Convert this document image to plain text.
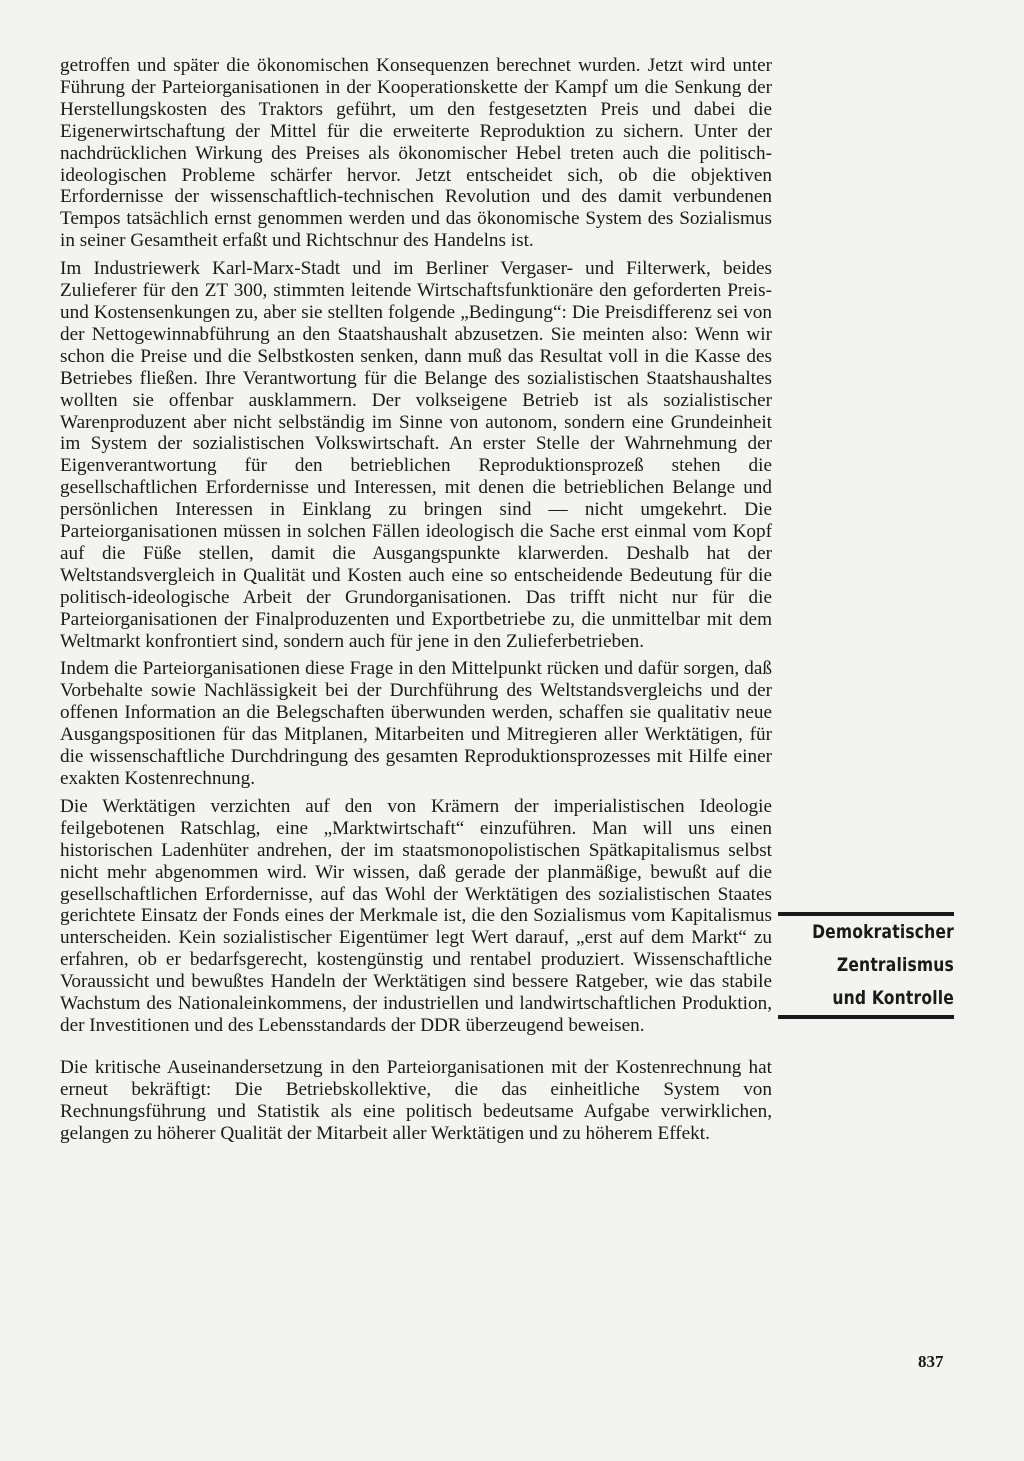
getroffen und später die ökonomischen Konsequenzen berechnet wurden. Jetzt wird unter Führung der Parteiorganisationen in der Kooperationskette der Kampf um die Senkung der Herstellungskosten des Traktors geführt, um den festgesetzten Preis und dabei die Eigenerwirtschaftung der Mittel für die erweiterte Reproduktion zu sichern. Unter der nachdrücklichen Wirkung des Preises als ökonomischer Hebel treten auch die politisch-ideologischen Probleme schärfer hervor. Jetzt entscheidet sich, ob die objektiven Erfordernisse der wissenschaftlich-technischen Revolution und des damit verbundenen Tempos tatsächlich ernst genommen werden und das ökonomische System des Sozialismus in seiner Gesamtheit erfaßt und Richtschnur des Handelns ist.

Im Industriewerk Karl-Marx-Stadt und im Berliner Vergaser- und Filterwerk, beides Zulieferer für den ZT 300, stimmten leitende Wirtschaftsfunktionäre den geforderten Preis- und Kostensenkungen zu, aber sie stellten folgende „Bedingung“: Die Preisdifferenz sei von der Nettogewinnabführung an den Staatshaushalt abzusetzen. Sie meinten also: Wenn wir schon die Preise und die Selbstkosten senken, dann muß das Resultat voll in die Kasse des Betriebes fließen. Ihre Verantwortung für die Belange des sozialistischen Staatshaushaltes wollten sie offenbar ausklammern. Der volkseigene Betrieb ist als sozialistischer Warenproduzent aber nicht selbständig im Sinne von autonom, sondern eine Grundeinheit im System der sozialistischen Volkswirtschaft. An erster Stelle der Wahrnehmung der Eigenverantwortung für den betrieblichen Reproduktionsprozeß stehen die gesellschaftlichen Erfordernisse und Interessen, mit denen die betrieblichen Belange und persönlichen Interessen in Einklang zu bringen sind — nicht umgekehrt. Die Parteiorganisationen müssen in solchen Fällen ideologisch die Sache erst einmal vom Kopf auf die Füße stellen, damit die Ausgangspunkte klarwerden. Deshalb hat der Weltstandsvergleich in Qualität und Kosten auch eine so entscheidende Bedeutung für die politisch-ideologische Arbeit der Grundorganisationen. Das trifft nicht nur für die Parteiorganisationen der Finalproduzenten und Exportbetriebe zu, die unmittelbar mit dem Weltmarkt konfrontiert sind, sondern auch für jene in den Zulieferbetrieben.

Indem die Parteiorganisationen diese Frage in den Mittelpunkt rücken und dafür sorgen, daß Vorbehalte sowie Nachlässigkeit bei der Durchführung des Weltstandsvergleichs und der offenen Information an die Belegschaften überwunden werden, schaffen sie qualitativ neue Ausgangspositionen für das Mitplanen, Mitarbeiten und Mitregieren aller Werktätigen, für die wissenschaftliche Durchdringung des gesamten Reproduktionsprozesses mit Hilfe einer exakten Kostenrechnung.

Die Werktätigen verzichten auf den von Krämern der imperialistischen Ideologie feilgebotenen Ratschlag, eine „Marktwirtschaft“ einzuführen. Man will uns einen historischen Ladenhüter andrehen, der im staatsmonopolistischen Spätkapitalismus selbst nicht mehr abgenommen wird. Wir wissen, daß gerade der planmäßige, bewußt auf die gesellschaftlichen Erfordernisse, auf das Wohl der Werktätigen des sozialistischen Staates gerichtete Einsatz der Fonds eines der Merkmale ist, die den Sozialismus vom Kapitalismus unterscheiden. Kein sozialistischer Eigentümer legt Wert darauf, „erst auf dem Markt“ zu erfahren, ob er bedarfsgerecht, kostengünstig und rentabel produziert. Wissenschaftliche Voraussicht und bewußtes Handeln der Werktätigen sind bessere Ratgeber, wie das stabile Wachstum des Nationaleinkommens, der industriellen und landwirtschaftlichen Produktion, der Investitionen und des Lebensstandards der DDR überzeugend beweisen.

Die kritische Auseinandersetzung in den Parteiorganisationen mit der Kostenrechnung hat erneut bekräftigt: Die Betriebskollektive, die das einheitliche System von Rechnungsführung und Statistik als eine politisch bedeutsame Aufgabe verwirklichen, gelangen zu höherer Qualität der Mitarbeit aller Werktätigen und zu höherem Effekt.

Demokratischer
Zentralismus
und Kontrolle
837
